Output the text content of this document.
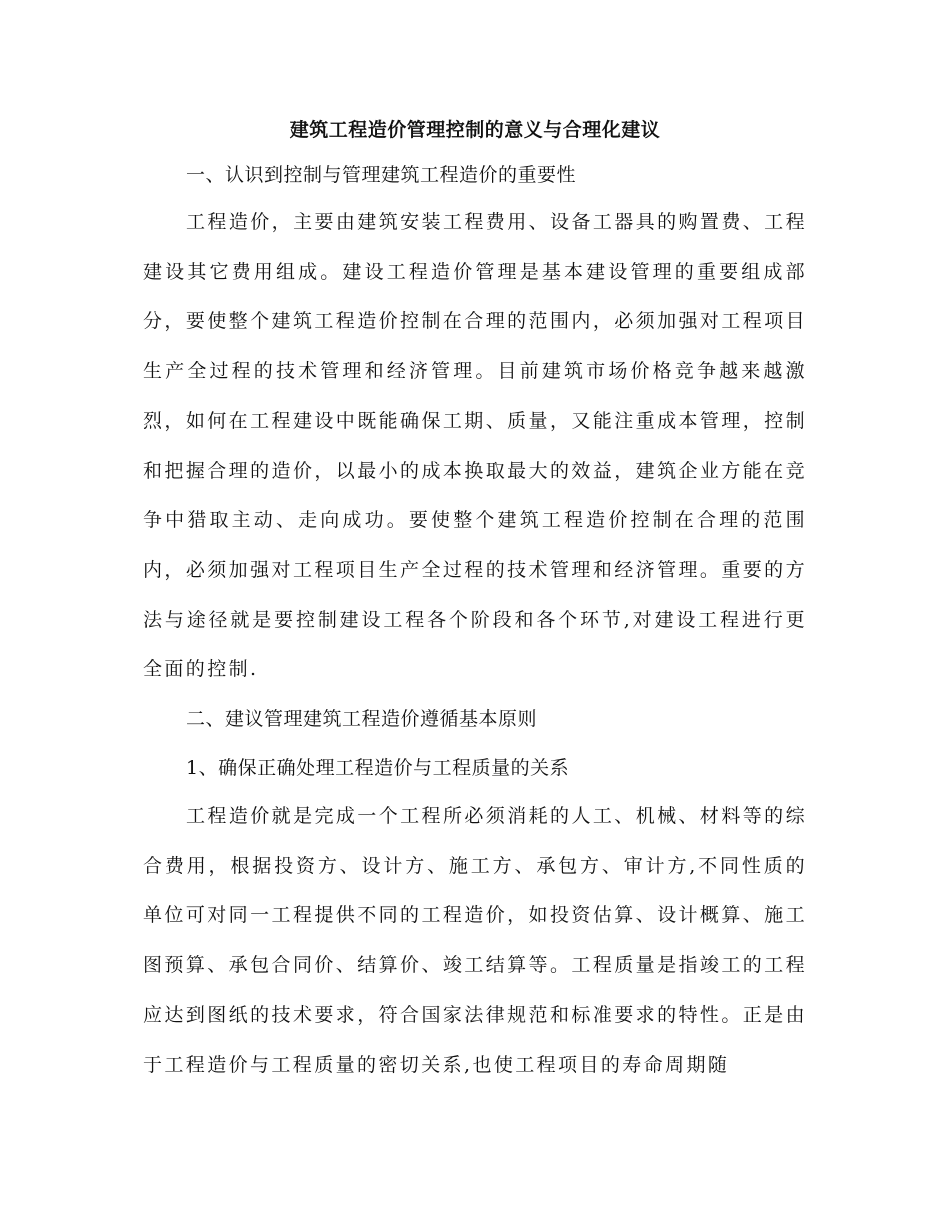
建筑工程造价管理控制的意义与合理化建议
一、认识到控制与管理建筑工程造价的重要性

工程造价，主要由建筑安装工程费用、设备工器具的购置费、工程建设其它费用组成。建设工程造价管理是基本建设管理的重要组成部分，要使整个建筑工程造价控制在合理的范围内，必须加强对工程项目生产全过程的技术管理和经济管理。目前建筑市场价格竞争越来越激烈，如何在工程建设中既能确保工期、质量，又能注重成本管理，控制和把握合理的造价，以最小的成本换取最大的效益，建筑企业方能在竞争中猎取主动、走向成功。要使整个建筑工程造价控制在合理的范围内，必须加强对工程项目生产全过程的技术管理和经济管理。重要的方法与途径就是要控制建设工程各个阶段和各个环节,对建设工程进行更全面的控制.

二、建议管理建筑工程造价遵循基本原则
1、确保正确处理工程造价与工程质量的关系

工程造价就是完成一个工程所必须消耗的人工、机械、材料等的综合费用，根据投资方、设计方、施工方、承包方、审计方,不同性质的单位可对同一工程提供不同的工程造价，如投资估算、设计概算、施工图预算、承包合同价、结算价、竣工结算等。工程质量是指竣工的工程应达到图纸的技术要求，符合国家法律规范和标准要求的特性。正是由于工程造价与工程质量的密切关系,也使工程项目的寿命周期随
